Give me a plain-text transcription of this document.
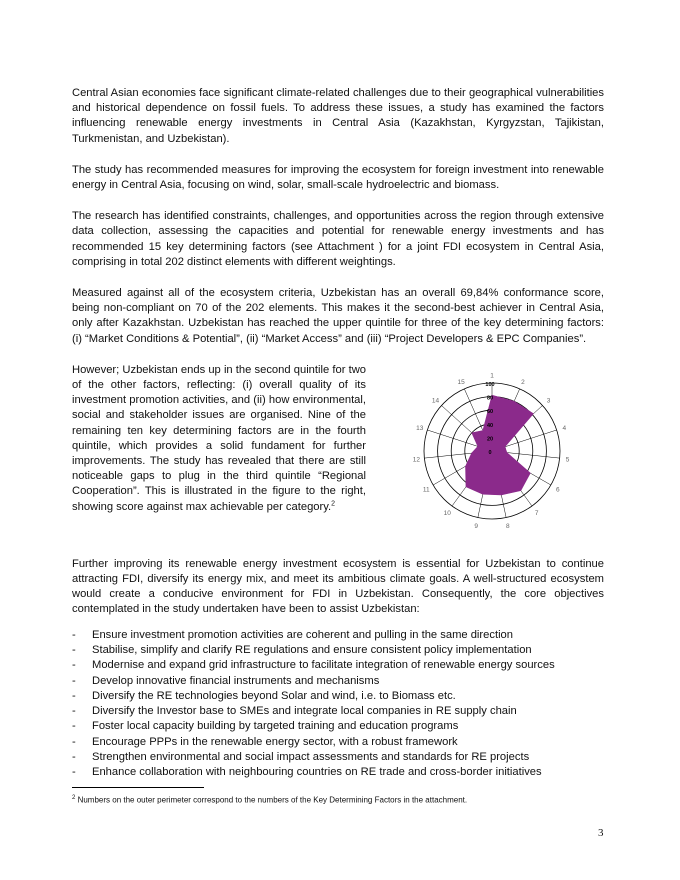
Central Asian economies face significant climate-related challenges due to their geographical vulnerabilities and historical dependence on fossil fuels. To address these issues, a study has examined the factors influencing renewable energy investments in Central Asia (Kazakhstan, Kyrgyzstan, Tajikistan, Turkmenistan, and Uzbekistan).

The study has recommended measures for improving the ecosystem for foreign investment into renewable energy in Central Asia, focusing on wind, solar, small-scale hydroelectric and biomass.

The research has identified constraints, challenges, and opportunities across the region through extensive data collection, assessing the capacities and potential for renewable energy investments and has recommended 15 key determining factors (see Attachment ) for a joint FDI ecosystem in Central Asia, comprising in total 202 distinct elements with different weightings.

Measured against all of the ecosystem criteria, Uzbekistan has an overall 69,84% conformance score, being non-compliant on 70 of the 202 elements. This makes it the second-best achiever in Central Asia, only after Kazakhstan. Uzbekistan has reached the upper quintile for three of the key determining factors: (i) “Market Conditions & Potential”, (ii) “Market Access” and (iii) “Project Developers & EPC Companies”.

However; Uzbekistan ends up in the second quintile for two of the other factors, reflecting: (i) overall quality of its investment promotion activities, and (ii) how environmental, social and stakeholder issues are organised. Nine of the remaining ten key determining factors are in the fourth quintile, which provides a solid fundament for further improvements. The study has revealed that there are still noticeable gaps to plug in the third quintile “Regional Cooperation”. This is illustrated in the figure to the right, showing score against max achievable per category.$^2$
0
20
40
60
80
100
1
2
3
4
5
6
7
8
9
10
11
12
13
14
15

Further improving its renewable energy investment ecosystem is essential for Uzbekistan to continue attracting FDI, diversify its energy mix, and meet its ambitious climate goals. A well-structured ecosystem would create a conducive environment for FDI in Uzbekistan. Consequently, the core objectives contemplated in the study undertaken have been to assist Uzbekistan:

- Ensure investment promotion activities are coherent and pulling in the same direction
- Stabilise, simplify and clarify RE regulations and ensure consistent policy implementation
- Modernise and expand grid infrastructure to facilitate integration of renewable energy sources
- Develop innovative financial instruments and mechanisms
- Diversify the RE technologies beyond Solar and wind, i.e. to Biomass etc.
- Diversify the Investor base to SMEs and integrate local companies in RE supply chain
- Foster local capacity building by targeted training and education programs
- Encourage PPPs in the renewable energy sector, with a robust framework
- Strengthen environmental and social impact assessments and standards for RE projects
- Enhance collaboration with neighbouring countries on RE trade and cross-border initiatives
$^2$ Numbers on the outer perimeter correspond to the numbers of the Key Determining Factors in the attachment.
3
